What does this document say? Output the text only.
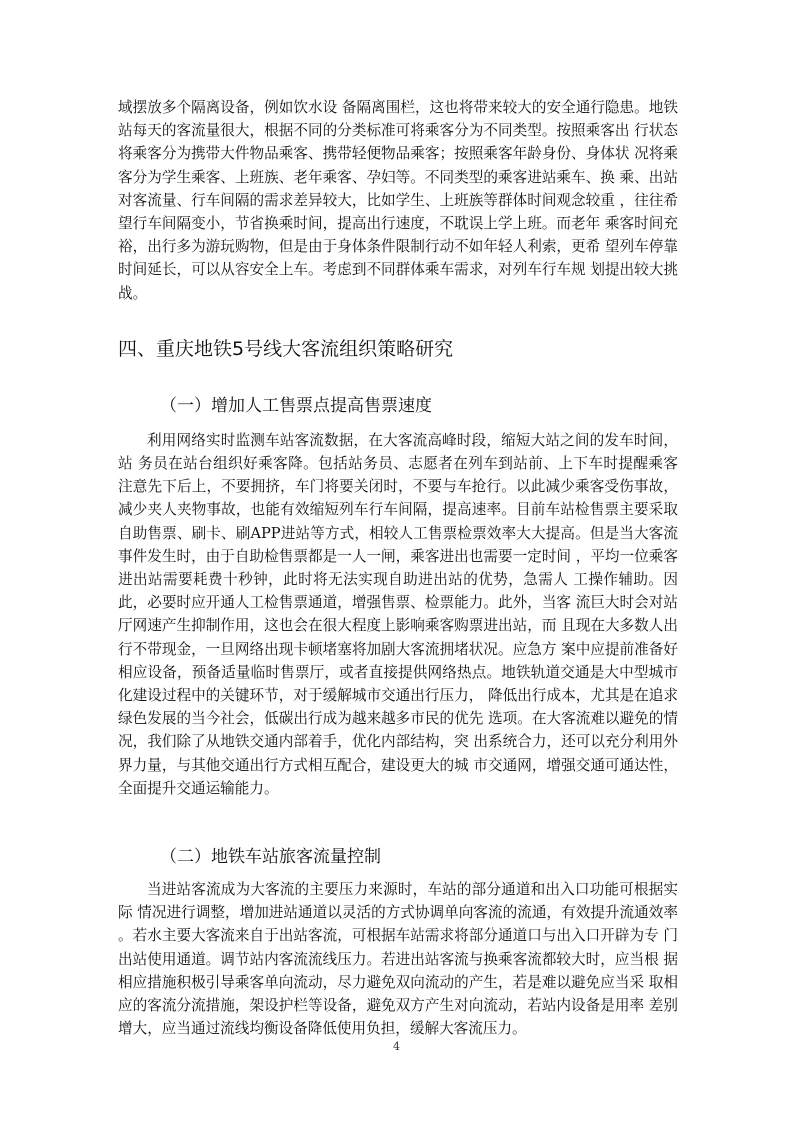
域摆放多个隔离设备，例如饮水设 备隔离围栏，这也将带来较大的安全通行隐患。地铁站每天的客流量很大，根据不同的分类标准可将乘客分为不同类型。按照乘客出 行状态将乘客分为携带大件物品乘客、携带轻便物品乘客；按照乘客年龄身份、身体状 况将乘客分为学生乘客、上班族、老年乘客、孕妇等。不同类型的乘客进站乘车、换 乘、出站对客流量、行车间隔的需求差异较大，比如学生、上班族等群体时间观念较重 ，往往希望行车间隔变小，节省换乘时间，提高出行速度，不耽误上学上班。而老年 乘客时间充裕，出行多为游玩购物，但是由于身体条件限制行动不如年轻人利索，更希 望列车停靠时间延长，可以从容安全上车。考虑到不同群体乘车需求，对列车行车规 划提出较大挑战。

四、重庆地铁5号线大客流组织策略研究
（一）增加人工售票点提高售票速度

利用网络实时监测车站客流数据，在大客流高峰时段，缩短大站之间的发车时间，站 务员在站台组织好乘客降。包括站务员、志愿者在列车到站前、上下车时提醒乘客 注意先下后上，不要拥挤，车门将要关闭时，不要与车抢行。以此减少乘客受伤事故， 减少夹人夹物事故，也能有效缩短列车行车间隔，提高速率。目前车站检售票主要采取自助售票、刷卡、刷APP进站等方式，相较人工售票检票效率大大提高。但是当大客流事件发生时，由于自助检售票都是一人一闸，乘客进出也需要一定时间 ，平均一位乘客进出站需要耗费十秒钟，此时将无法实现自助进出站的优势，急需人 工操作辅助。因此，必要时应开通人工检售票通道，增强售票、检票能力。此外，当客 流巨大时会对站厅网速产生抑制作用，这也会在很大程度上影响乘客购票进出站，而 且现在大多数人出行不带现金，一旦网络出现卡顿堵塞将加剧大客流拥堵状况。应急方 案中应提前准备好相应设备，预备适量临时售票厅，或者直接提供网络热点。地铁轨道交通是大中型城市化建设过程中的关键环节，对于缓解城市交通出行压力， 降低出行成本，尤其是在追求绿色发展的当今社会，低碳出行成为越来越多市民的优先 选项。在大客流难以避免的情况，我们除了从地铁交通内部着手，优化内部结构，突 出系统合力，还可以充分利用外界力量，与其他交通出行方式相互配合，建设更大的城 市交通网，增强交通可通达性，全面提升交通运输能力。

（二）地铁车站旅客流量控制

当进站客流成为大客流的主要压力来源时，车站的部分通道和出入口功能可根据实际 情况进行调整，增加进站通道以灵活的方式协调单向客流的流通，有效提升流通效率 。若水主要大客流来自于出站客流，可根据车站需求将部分通道口与出入口开辟为专 门出站使用通道。调节站内客流流线压力。若进出站客流与换乘客流都较大时，应当根 据相应措施积极引导乘客单向流动，尽力避免双向流动的产生，若是难以避免应当采 取相应的客流分流措施，架设护栏等设备，避免双方产生对向流动，若站内设备是用率 差别增大，应当通过流线均衡设备降低使用负担，缓解大客流压力。

4
